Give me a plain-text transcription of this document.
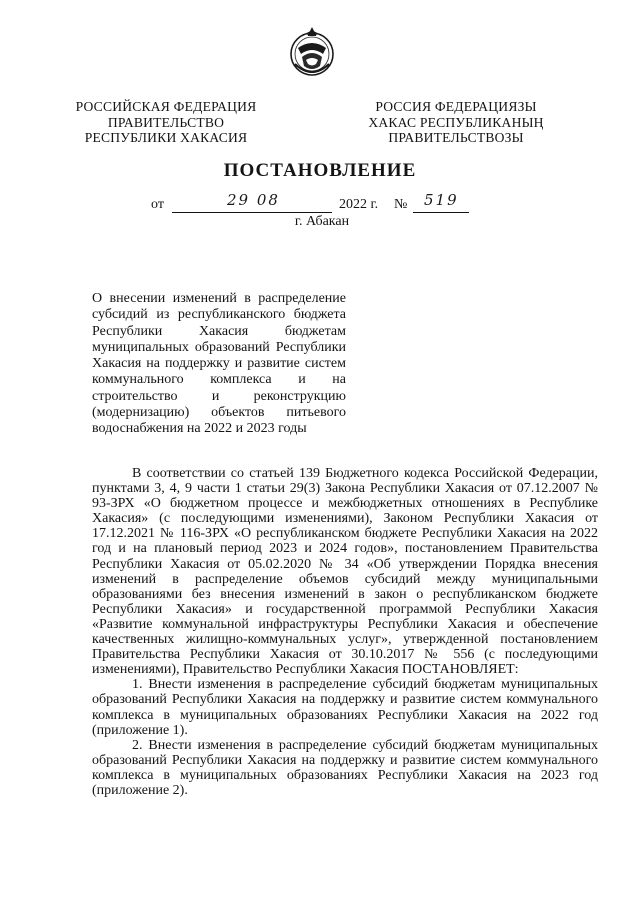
РОССИЙСКАЯ ФЕДЕРАЦИЯ
ПРАВИТЕЛЬСТВО
РЕСПУБЛИКИ ХАКАСИЯ
РОССИЯ ФЕДЕРАЦИЯЗЫ
ХАКАС РЕСПУБЛИКАНЫҢ
ПРАВИТЕЛЬСТВОЗЫ
ПОСТАНОВЛЕНИЕ
от	29 08	2022 г. № 519
г. Абакан

О внесении изменений в распределение

субсидий из республиканского бюджета

Республики Хакасия бюджетам

муниципальных образований Республики

Хакасия на поддержку и развитие систем

коммунального комплекса и на

строительство и реконструкцию

(модернизацию) объектов питьевого

водоснабжения на 2022 и 2023 годы

В соответствии со статьей 139 Бюджетного кодекса Российской Федерации, пунктами 3, 4, 9 части 1 статьи 29(3) Закона Республики Хакасия от 07.12.2007 № 93-ЗРХ «О бюджетном процессе и межбюджетных отношениях в Республике Хакасия» (с последующими изменениями), Законом Республики Хакасия от 17.12.2021 № 116-ЗРХ «О республиканском бюджете Республики Хакасия на 2022 год и на плановый период 2023 и 2024 годов», постановлением Правительства Республики Хакасия от 05.02.2020 № 34 «Об утверждении Порядка внесения изменений в распределение объемов субсидий между муниципальными образованиями без внесения изменений в закон о республиканском бюджете Республики Хакасия» и государственной программой Республики Хакасия «Развитие коммунальной инфраструктуры Республики Хакасия и обеспечение качественных жилищно-коммунальных услуг», утвержденной постановлением Правительства Республики Хакасия от 30.10.2017 № 556 (с последующими изменениями), Правительство Республики Хакасия ПОСТАНОВЛЯЕТ:

1. Внести изменения в распределение субсидий бюджетам муниципальных образований Республики Хакасия на поддержку и развитие систем коммунального комплекса в муниципальных образованиях Республики Хакасия на 2022 год (приложение 1).

2. Внести изменения в распределение субсидий бюджетам муниципальных образований Республики Хакасия на поддержку и развитие систем коммунального комплекса в муниципальных образованиях Республики Хакасия на 2023 год (приложение 2).
